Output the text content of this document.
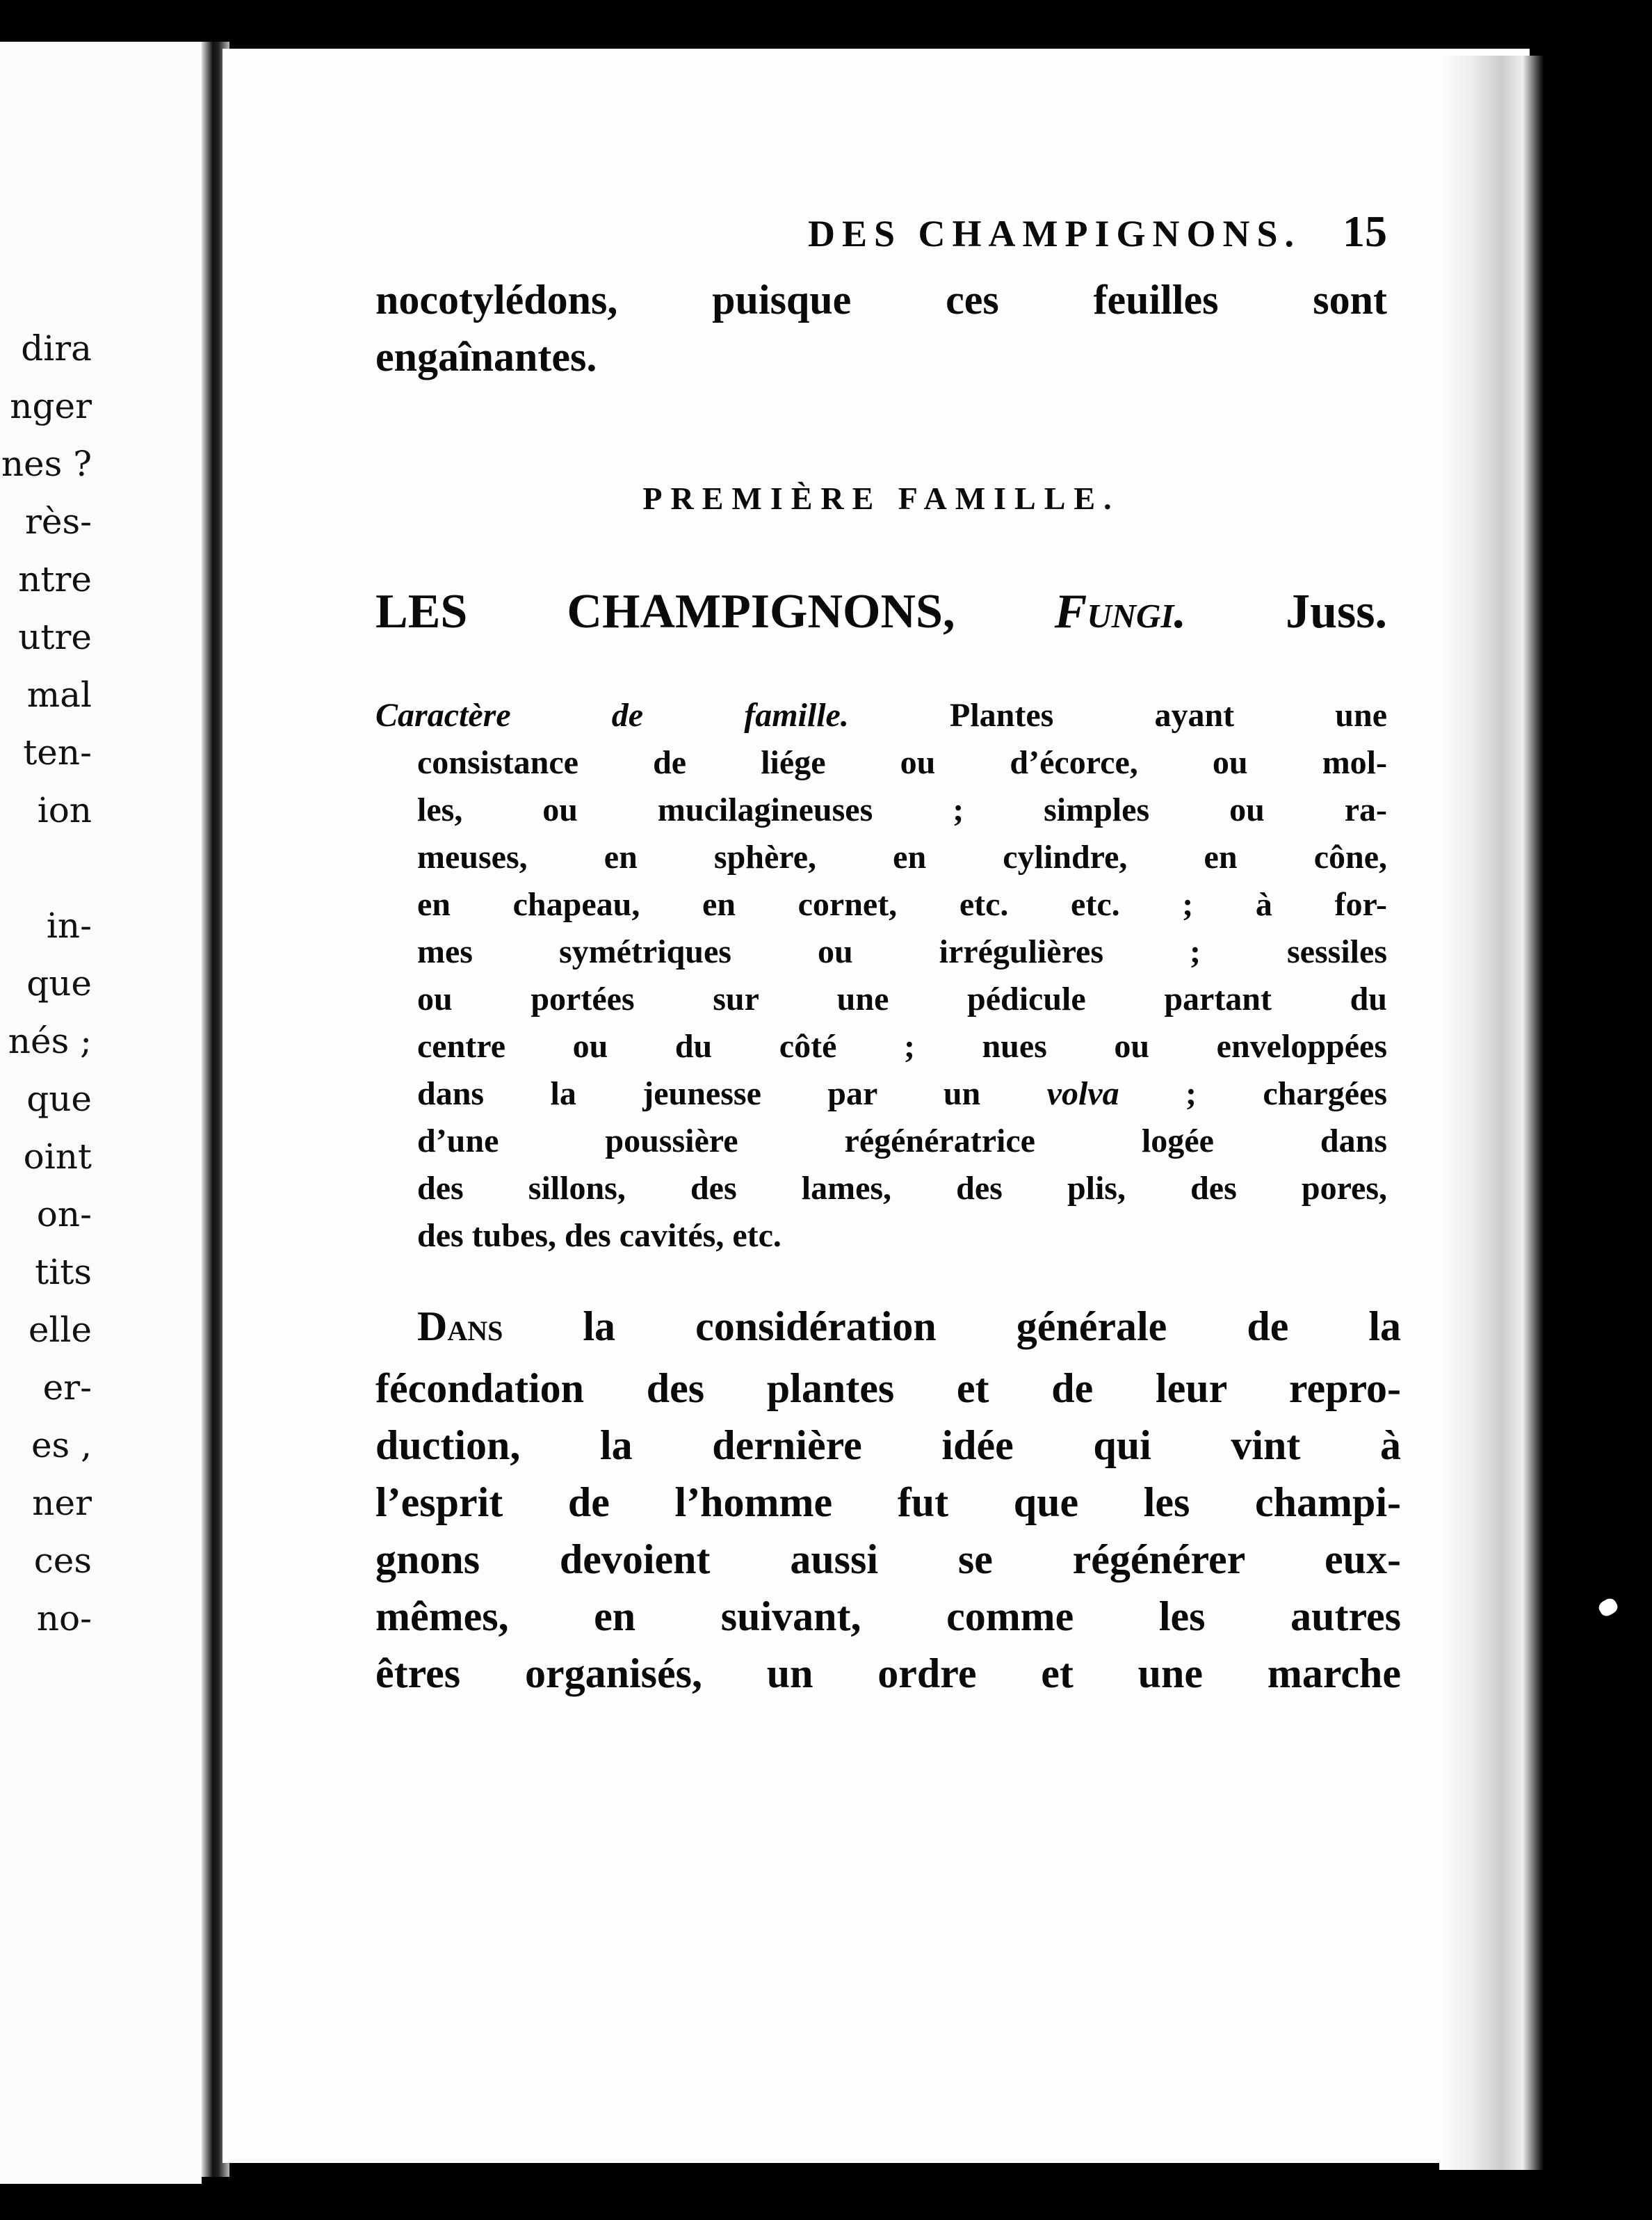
dira
nger
nes ?
rès-
ntre
utre
mal
ten-
ion

in-
que
nés ;
que
oint
on-
tits
elle
er-
es ,
ner
ces
no-
DES CHAMPIGNONS. 15
nocotylédons, puisque ces feuilles sont
engaînantes.
PREMIÈRE FAMILLE.
LES CHAMPIGNONS, Fungi. Juss.
Caractère de famille.	Plantes ayant une
consistance de liége ou d’écorce, ou mol-
les, ou mucilagineuses ; simples ou ra-
meuses, en sphère, en cylindre, en cône,
en chapeau, en cornet, etc. etc. ; à for-
mes symétriques ou irrégulières ; sessiles
ou portées sur une pédicule partant du
centre ou du côté ; nues ou enveloppées
dans la jeunesse par un volva ; chargées
d’une poussière régénératrice logée dans
des sillons, des lames, des plis, des pores,
des tubes, des cavités, etc.
DANS la considération générale de la
fécondation des plantes et de leur repro-
duction, la dernière idée qui vint à
l’esprit de l’homme fut que les champi-
gnons devoient aussi se régénérer eux-
mêmes, en suivant, comme les autres
êtres organisés, un ordre et une marche
